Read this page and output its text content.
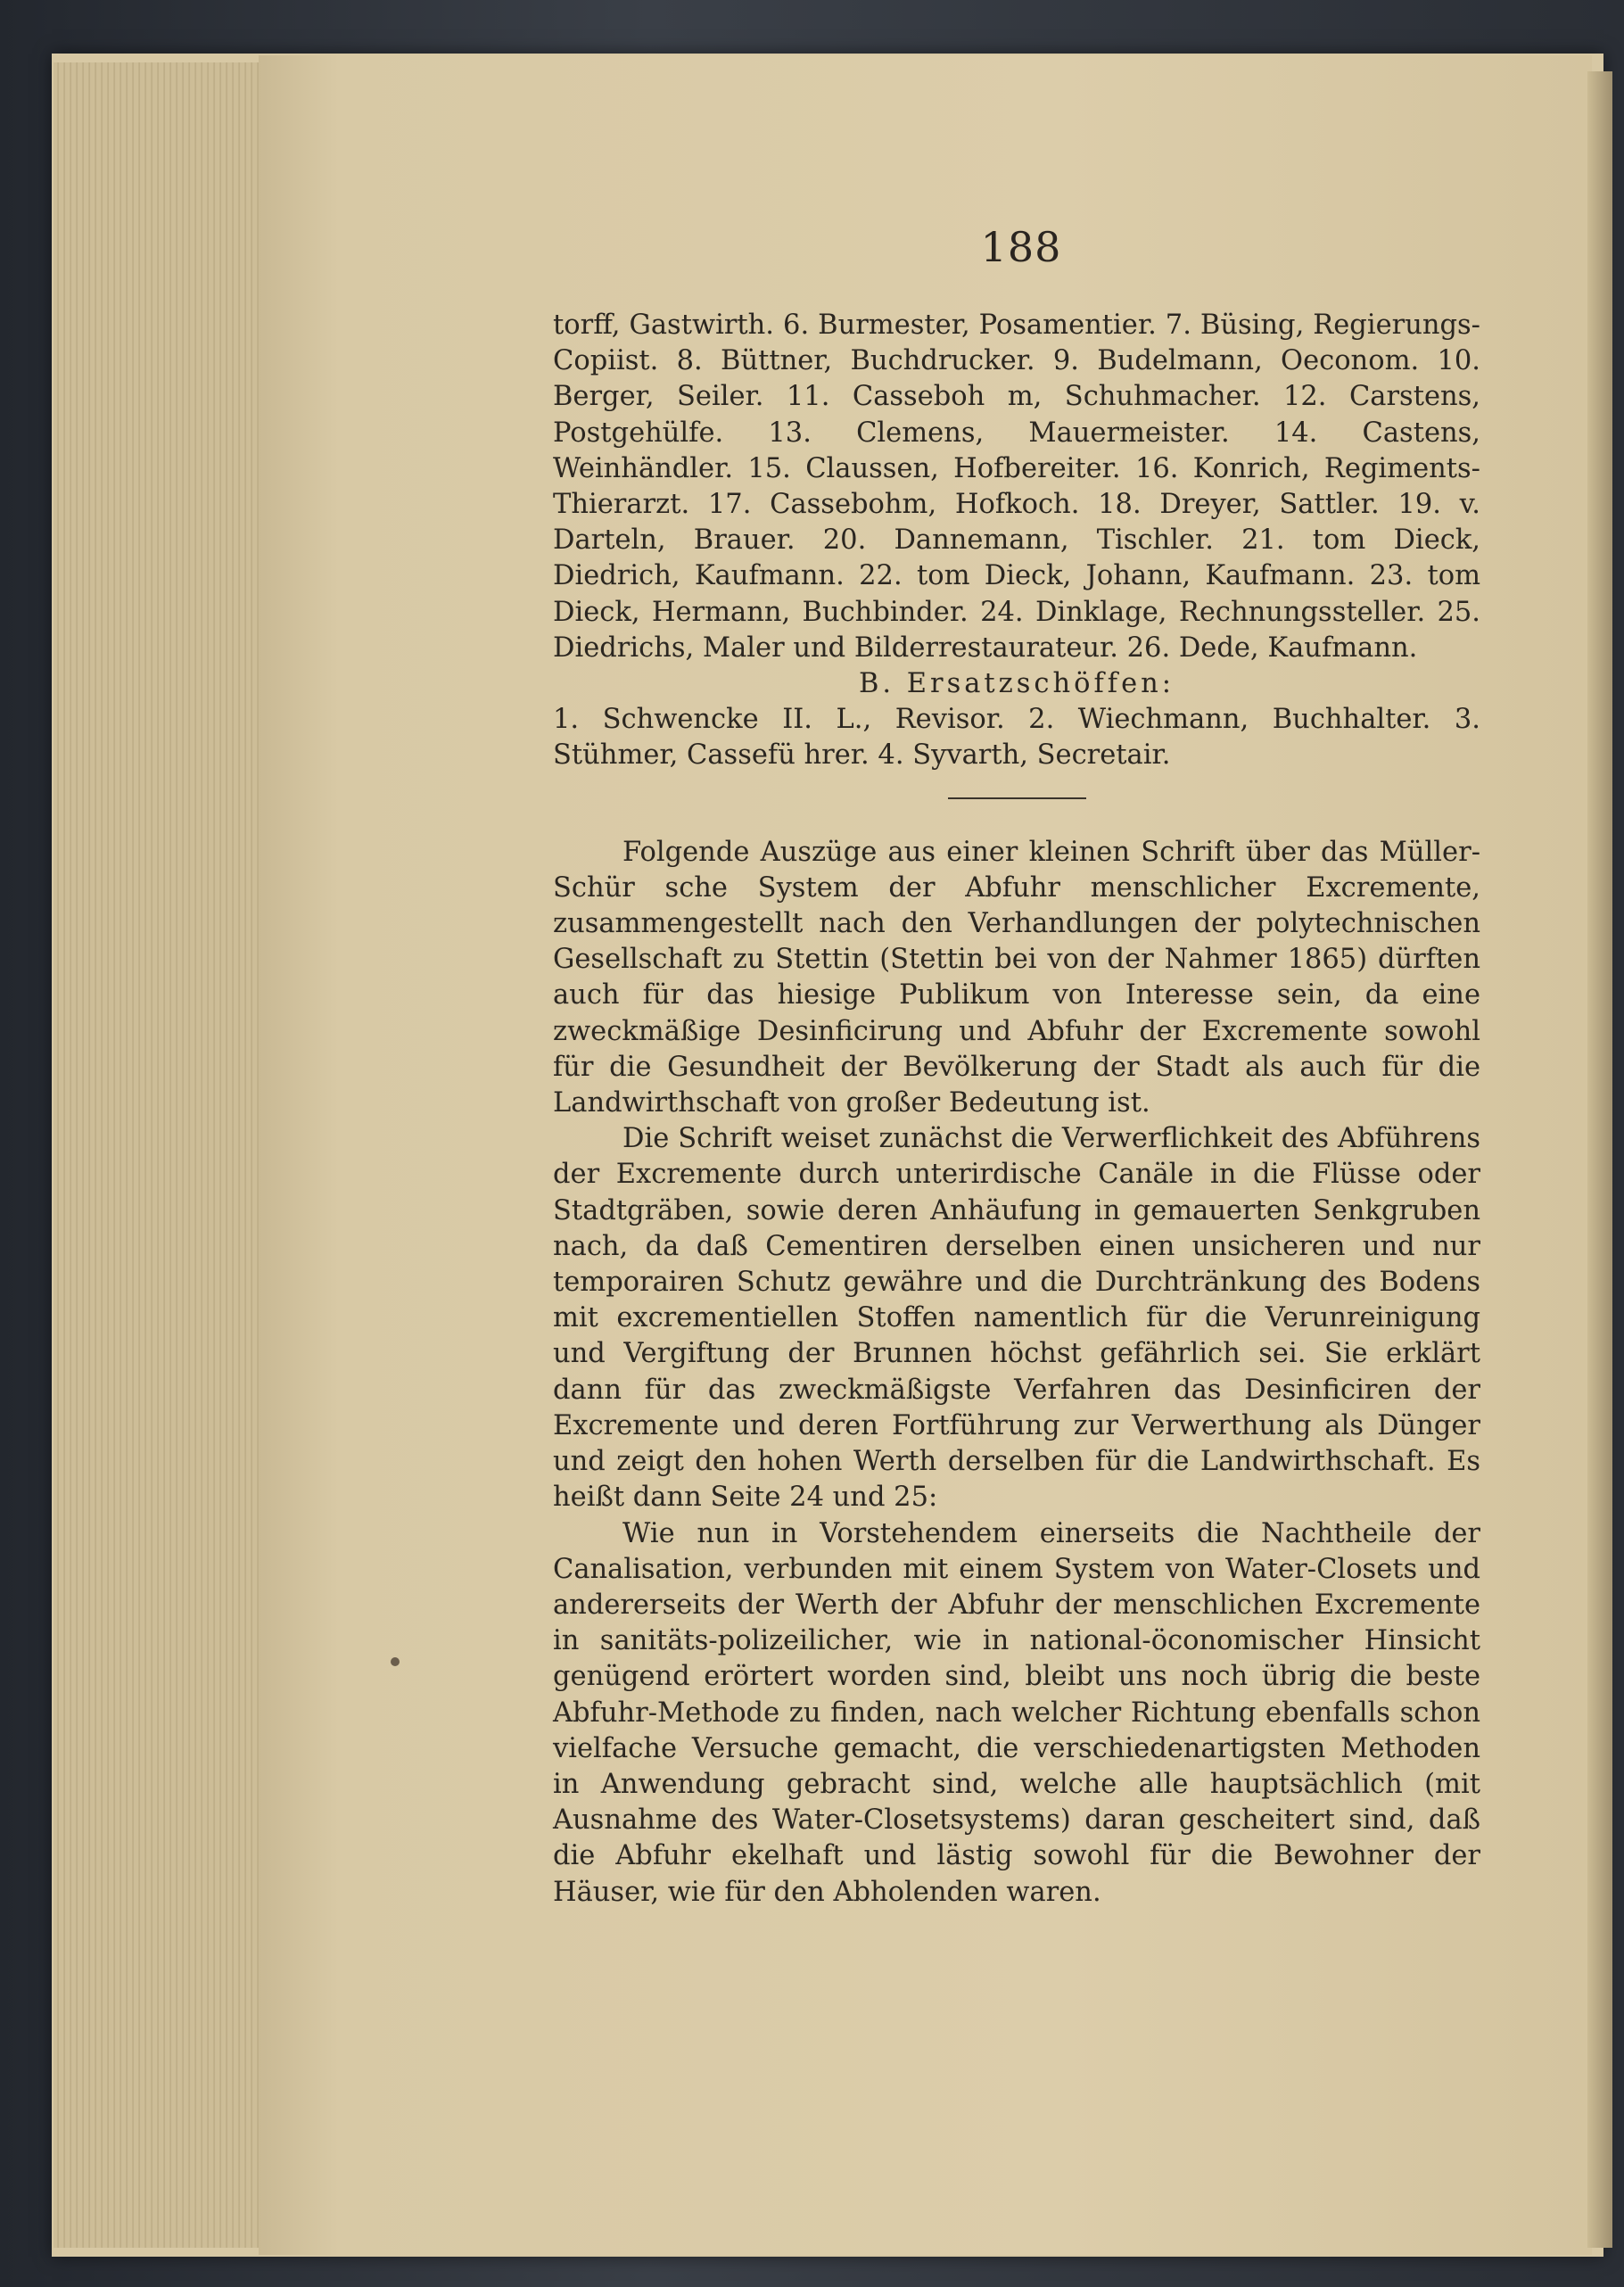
188

torff, Gastwirth. 6. Burmester, Posamentier. 7. Büsing, Regierungs-Copiist. 8. Büttner, Buchdrucker. 9. Budelmann, Oeconom. 10. Berger, Seiler. 11. Casseboh m, Schuhmacher. 12. Carstens, Postgehülfe. 13. Clemens, Mauermeister. 14. Castens, Weinhändler. 15. Claussen, Hofbereiter. 16. Konrich, Regiments-Thierarzt. 17. Cassebohm, Hofkoch. 18. Dreyer, Sattler. 19. v. Darteln, Brauer. 20. Dannemann, Tischler. 21. tom Dieck, Diedrich, Kaufmann. 22. tom Dieck, Johann, Kaufmann. 23. tom Dieck, Hermann, Buchbinder. 24. Dinklage, Rechnungssteller. 25. Diedrichs, Maler und Bilderrestaurateur. 26. Dede, Kaufmann.

B. Ersatzschöffen:

1. Schwencke II. L., Revisor. 2. Wiechmann, Buchhalter. 3. Stühmer, Cassefü hrer. 4. Syvarth, Secretair.

Folgende Auszüge aus einer kleinen Schrift über das Müller-Schür sche System der Abfuhr menschlicher Excremente, zusammengestellt nach den Verhandlungen der polytechnischen Gesellschaft zu Stettin (Stettin bei von der Nahmer 1865) dürften auch für das hiesige Publikum von Interesse sein, da eine zweckmäßige Desinficirung und Abfuhr der Excremente sowohl für die Gesundheit der Bevölkerung der Stadt als auch für die Landwirthschaft von großer Bedeutung ist.

Die Schrift weiset zunächst die Verwerflichkeit des Abführens der Excremente durch unterirdische Canäle in die Flüsse oder Stadtgräben, sowie deren Anhäufung in gemauerten Senkgruben nach, da daß Cementiren derselben einen unsicheren und nur temporairen Schutz gewähre und die Durchtränkung des Bodens mit excrementiellen Stoffen namentlich für die Verunreinigung und Vergiftung der Brunnen höchst gefährlich sei. Sie erklärt dann für das zweckmäßigste Verfahren das Desinficiren der Excremente und deren Fortführung zur Verwerthung als Dünger und zeigt den hohen Werth derselben für die Landwirthschaft. Es heißt dann Seite 24 und 25:

Wie nun in Vorstehendem einerseits die Nachtheile der Canalisation, verbunden mit einem System von Water-Closets und andererseits der Werth der Abfuhr der menschlichen Excremente in sanitäts-polizeilicher, wie in national-öconomischer Hinsicht genügend erörtert worden sind, bleibt uns noch übrig die beste Abfuhr-Methode zu finden, nach welcher Richtung ebenfalls schon vielfache Versuche gemacht, die verschiedenartigsten Methoden in Anwendung gebracht sind, welche alle hauptsächlich (mit Ausnahme des Water-Closetsystems) daran gescheitert sind, daß die Abfuhr ekelhaft und lästig sowohl für die Bewohner der Häuser, wie für den Abholenden waren.
